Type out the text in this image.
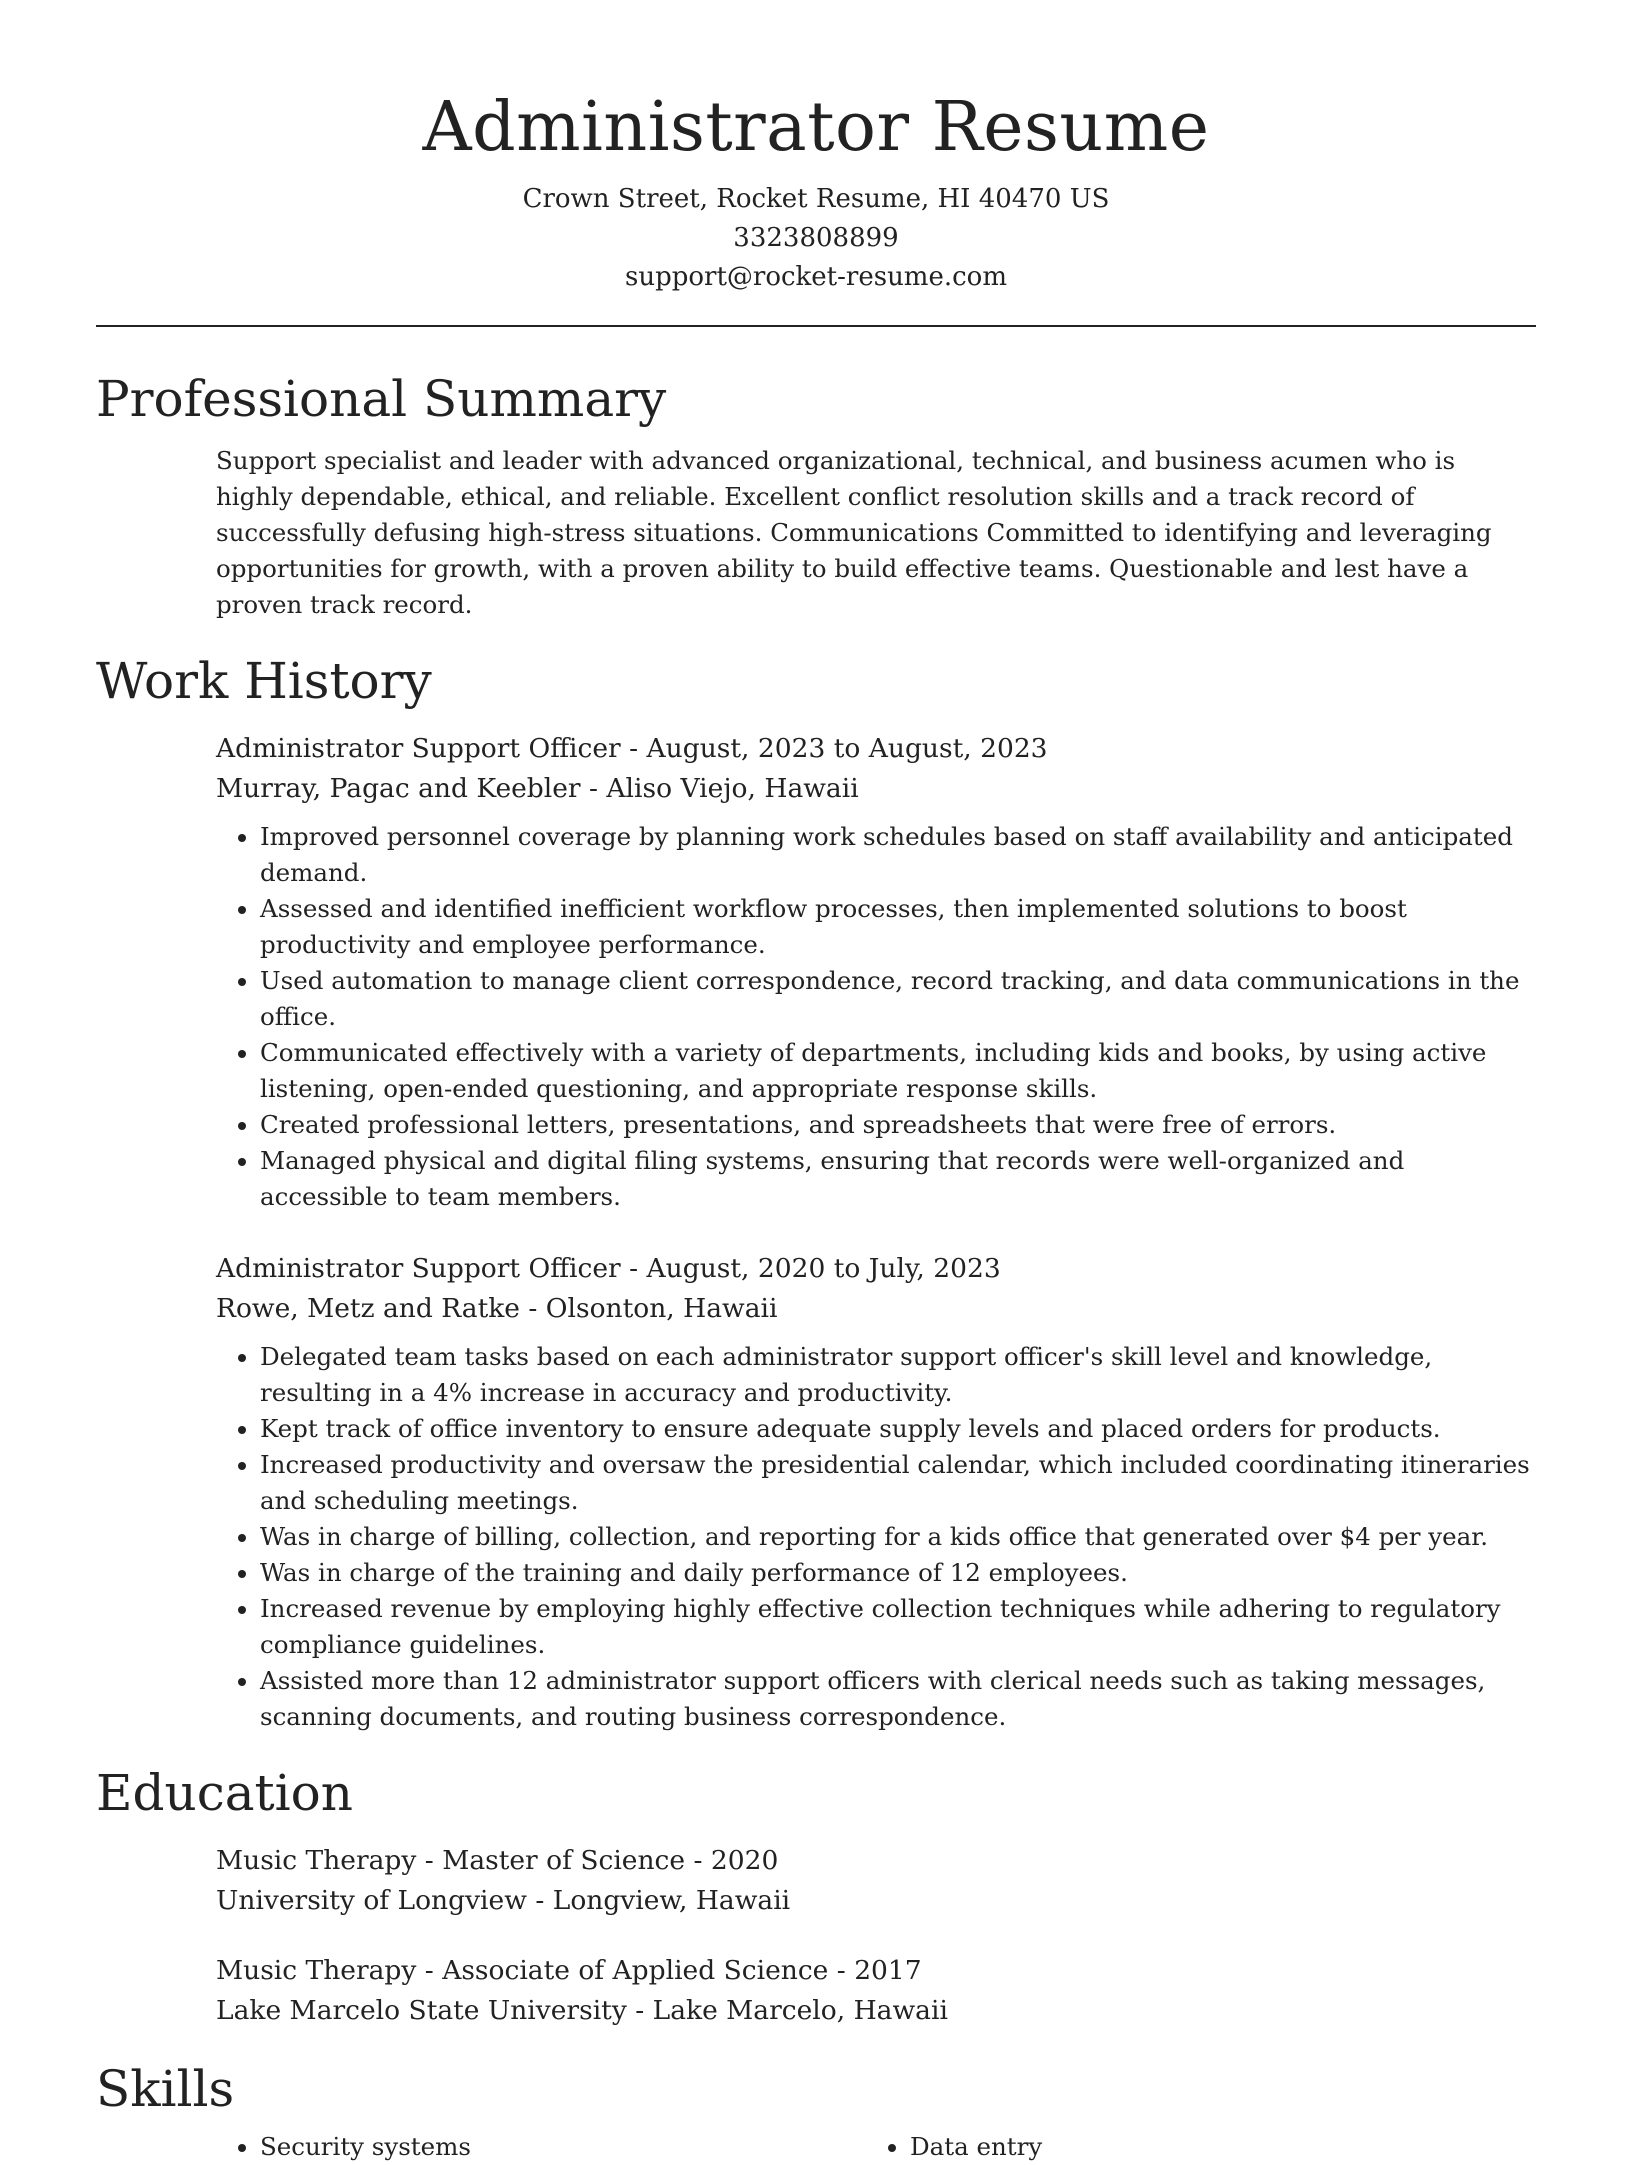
Administrator Resume
Crown Street, Rocket Resume, HI 40470 US
3323808899
support@rocket-resume.com
Professional Summary
Support specialist and leader with advanced organizational, technical, and business acumen who is highly dependable, ethical, and reliable. Excellent conflict resolution skills and a track record of successfully defusing high-stress situations. Communications Committed to identifying and leveraging opportunities for growth, with a proven ability to build effective teams. Questionable and lest have a proven track record.
Work History
Administrator Support Officer - August, 2023 to August, 2023
Murray, Pagac and Keebler - Aliso Viejo, Hawaii
• Improved personnel coverage by planning work schedules based on staff availability and anticipated demand.
• Assessed and identified inefficient workflow processes, then implemented solutions to boost productivity and employee performance.
• Used automation to manage client correspondence, record tracking, and data communications in the office.
• Communicated effectively with a variety of departments, including kids and books, by using active listening, open-ended questioning, and appropriate response skills.
• Created professional letters, presentations, and spreadsheets that were free of errors.
• Managed physical and digital filing systems, ensuring that records were well-organized and accessible to team members.
Administrator Support Officer - August, 2020 to July, 2023
Rowe, Metz and Ratke - Olsonton, Hawaii
• Delegated team tasks based on each administrator support officer's skill level and knowledge, resulting in a 4% increase in accuracy and productivity.
• Kept track of office inventory to ensure adequate supply levels and placed orders for products.
• Increased productivity and oversaw the presidential calendar, which included coordinating itineraries and scheduling meetings.
• Was in charge of billing, collection, and reporting for a kids office that generated over $4 per year.
• Was in charge of the training and daily performance of 12 employees.
• Increased revenue by employing highly effective collection techniques while adhering to regulatory compliance guidelines.
• Assisted more than 12 administrator support officers with clerical needs such as taking messages, scanning documents, and routing business correspondence.
Education
Music Therapy - Master of Science - 2020
University of Longview - Longview, Hawaii
Music Therapy - Associate of Applied Science - 2017
Lake Marcelo State University - Lake Marcelo, Hawaii
Skills
• Security systems
•	Data entry
